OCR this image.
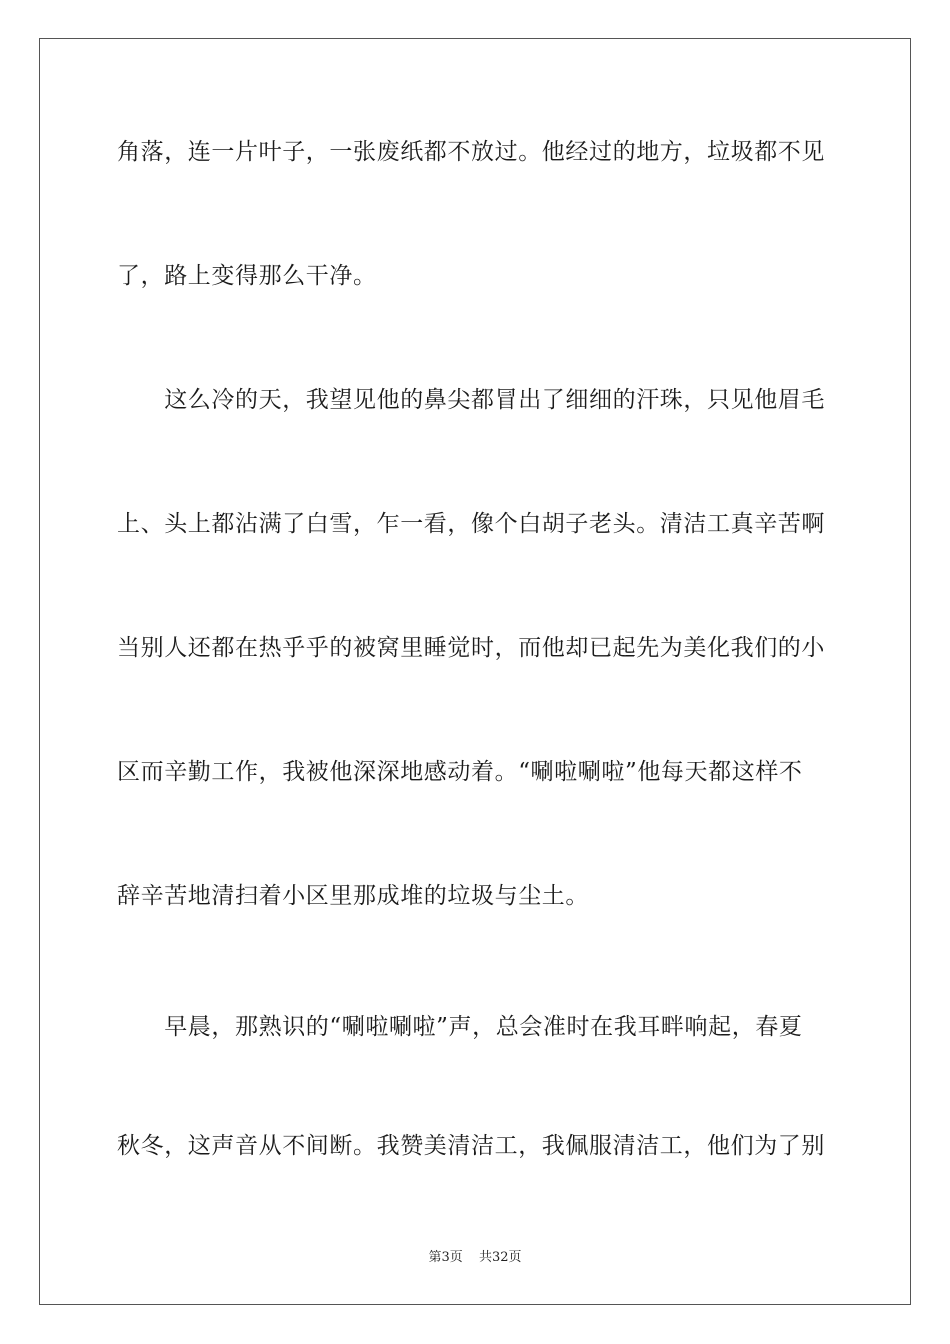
角落，连一片叶子，一张废纸都不放过。他经过的地方，垃圾都不见
了，路上变得那么干净。
　　这么冷的天，我望见他的鼻尖都冒出了细细的汗珠，只见他眉毛
上、头上都沾满了白雪，乍一看，像个白胡子老头。清洁工真辛苦啊
当别人还都在热乎乎的被窝里睡觉时，而他却已起先为美化我们的小
区而辛勤工作，我被他深深地感动着。“唰啦唰啦”他每天都这样不
辞辛苦地清扫着小区里那成堆的垃圾与尘土。
　　早晨，那熟识的“唰啦唰啦”声，总会准时在我耳畔响起，春夏
秋冬，这声音从不间断。我赞美清洁工，我佩服清洁工，他们为了别
第3页 共32页
